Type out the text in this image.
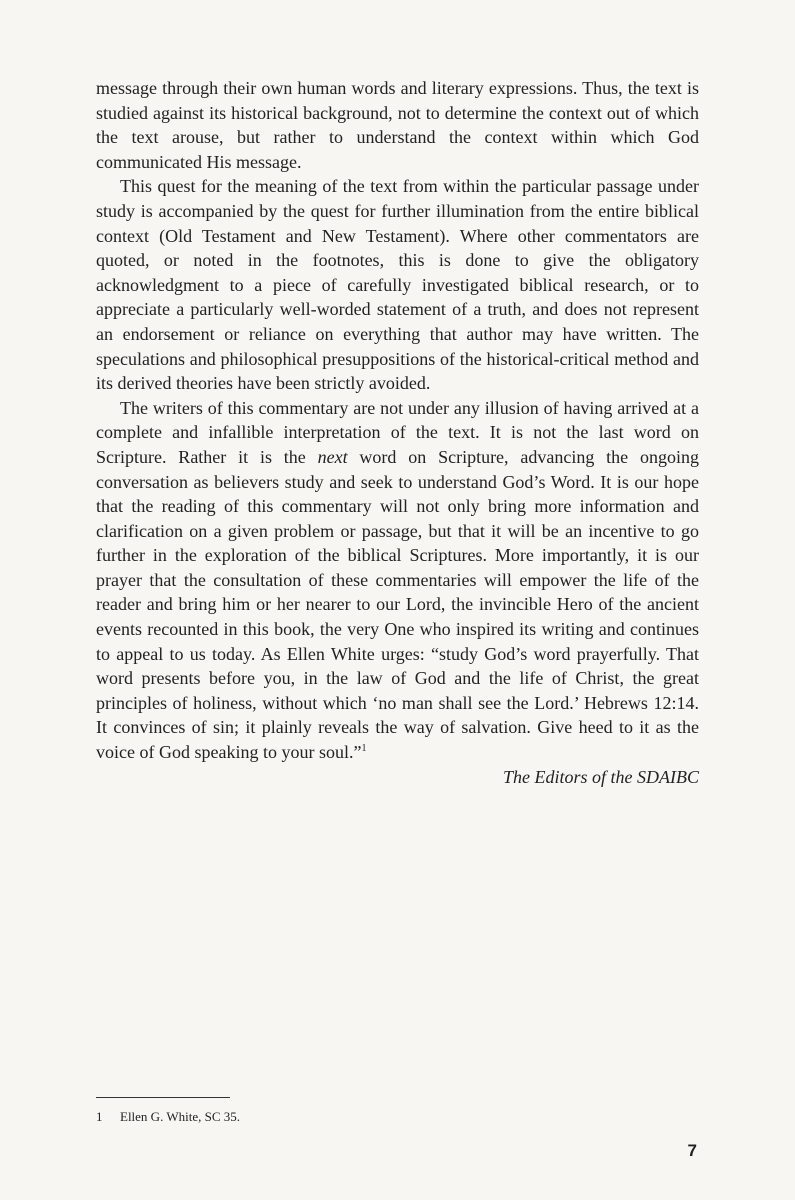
message through their own human words and literary expressions. Thus, the text is studied against its historical background, not to determine the context out of which the text arouse, but rather to understand the context within which God communicated His message.

This quest for the meaning of the text from within the particular passage under study is accompanied by the quest for further illumination from the entire biblical context (Old Testament and New Testament). Where other commentators are quoted, or noted in the footnotes, this is done to give the obligatory acknowledgment to a piece of carefully investigated biblical research, or to appreciate a particularly well-worded statement of a truth, and does not represent an endorsement or reliance on everything that author may have written. The speculations and philosophical presuppositions of the historical-critical method and its derived theories have been strictly avoided.

The writers of this commentary are not under any illusion of having arrived at a complete and infallible interpretation of the text. It is not the last word on Scripture. Rather it is the next word on Scripture, advancing the ongoing conversation as believers study and seek to understand God’s Word. It is our hope that the reading of this commentary will not only bring more information and clarification on a given problem or passage, but that it will be an incentive to go further in the exploration of the biblical Scriptures. More importantly, it is our prayer that the consultation of these commentaries will empower the life of the reader and bring him or her nearer to our Lord, the invincible Hero of the ancient events recounted in this book, the very One who inspired its writing and continues to appeal to us today. As Ellen White urges: “study God’s word prayerfully. That word presents before you, in the law of God and the life of Christ, the great principles of holiness, without which ‘no man shall see the Lord.’ Hebrews 12:14. It convinces of sin; it plainly reveals the way of salvation. Give heed to it as the voice of God speaking to your soul.”$^1$

The Editors of the SDAIBC

1 Ellen G. White, SC 35.
7
